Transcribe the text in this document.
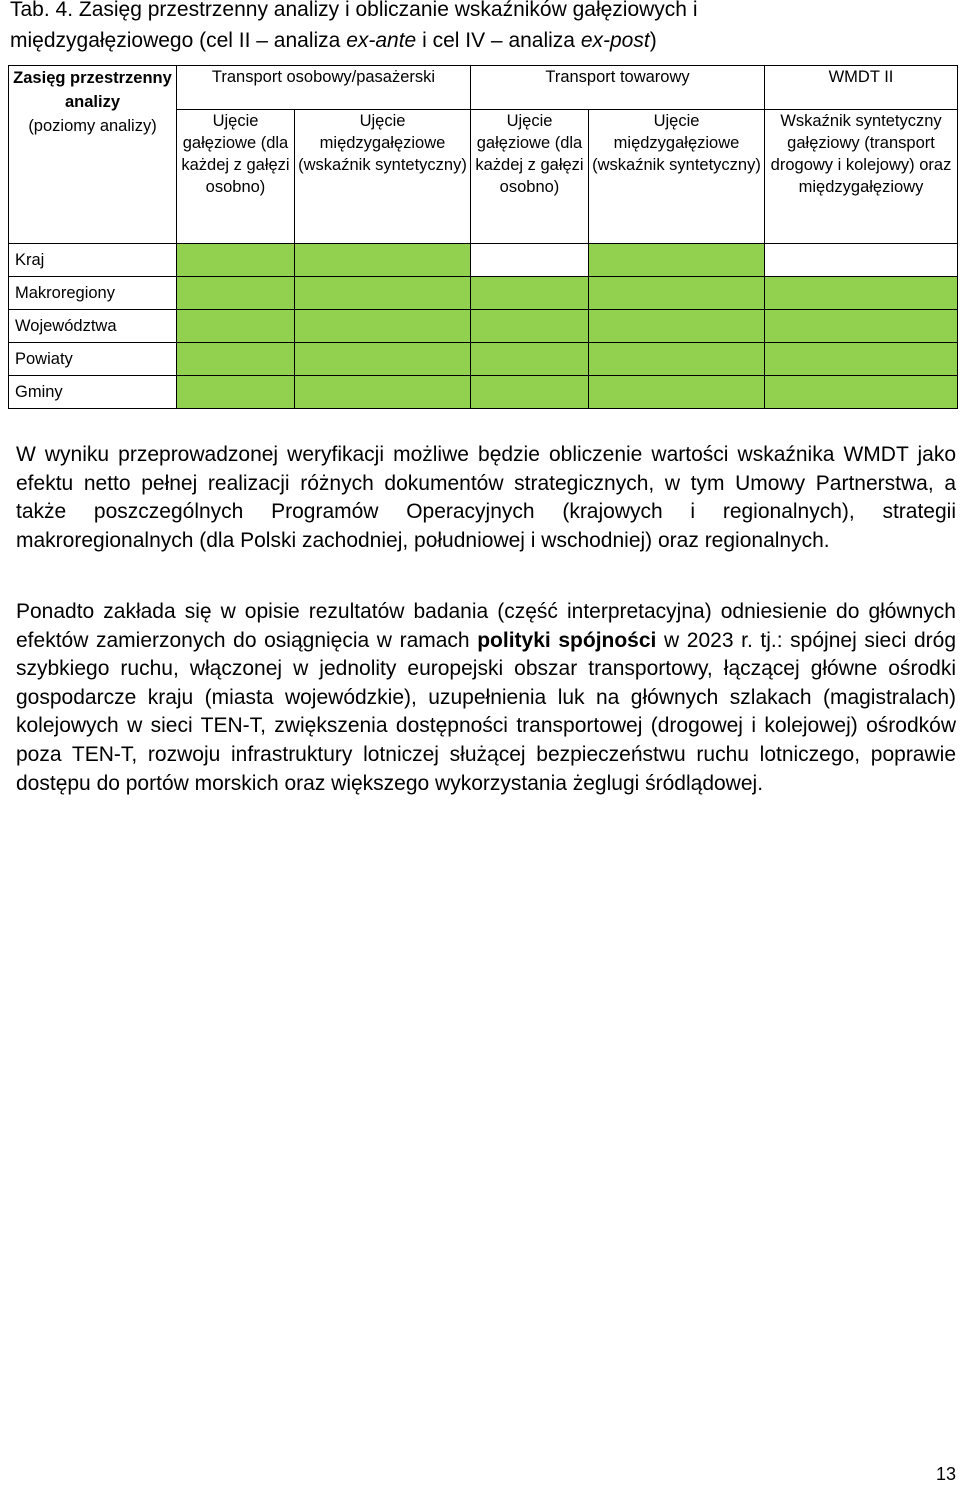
Tab. 4. Zasięg przestrzenny analizy i obliczanie wskaźników gałęziowych i
międzygałęziowego (cel II – analiza ex-ante i cel IV – analiza ex-post)
Zasięg przestrzenny analizy
(poziomy analizy)	Transport osobowy/pasażerski		Transport towarowy		WMDT II
	Ujęcie gałęziowe (dla każdej z gałęzi osobno)	Ujęcie międzygałęziowe (wskaźnik syntetyczny)	Ujęcie gałęziowe (dla każdej z gałęzi osobno)	Ujęcie międzygałęziowe (wskaźnik syntetyczny)	Wskaźnik syntetyczny gałęziowy (transport drogowy i kolejowy) oraz międzygałęziowy
Kraj					
Makroregiony					
Województwa					
Powiaty					
Gminy					

W wyniku przeprowadzonej weryfikacji możliwe będzie obliczenie wartości wskaźnika WMDT jako efektu netto pełnej realizacji różnych dokumentów strategicznych, w tym Umowy Partnerstwa, a także poszczególnych Programów Operacyjnych (krajowych i regionalnych), strategii makroregionalnych (dla Polski zachodniej, południowej i wschodniej) oraz regionalnych.

Ponadto zakłada się w opisie rezultatów badania (część interpretacyjna) odniesienie do głównych efektów zamierzonych do osiągnięcia w ramach polityki spójności w 2023 r. tj.: spójnej sieci dróg szybkiego ruchu, włączonej w jednolity europejski obszar transportowy, łączącej główne ośrodki gospodarcze kraju (miasta wojewódzkie), uzupełnienia luk na głównych szlakach (magistralach) kolejowych w sieci TEN-T, zwiększenia dostępności transportowej (drogowej i kolejowej) ośrodków poza TEN-T, rozwoju infrastruktury lotniczej służącej bezpieczeństwu ruchu lotniczego, poprawie dostępu do portów morskich oraz większego wykorzystania żeglugi śródlądowej.

13
